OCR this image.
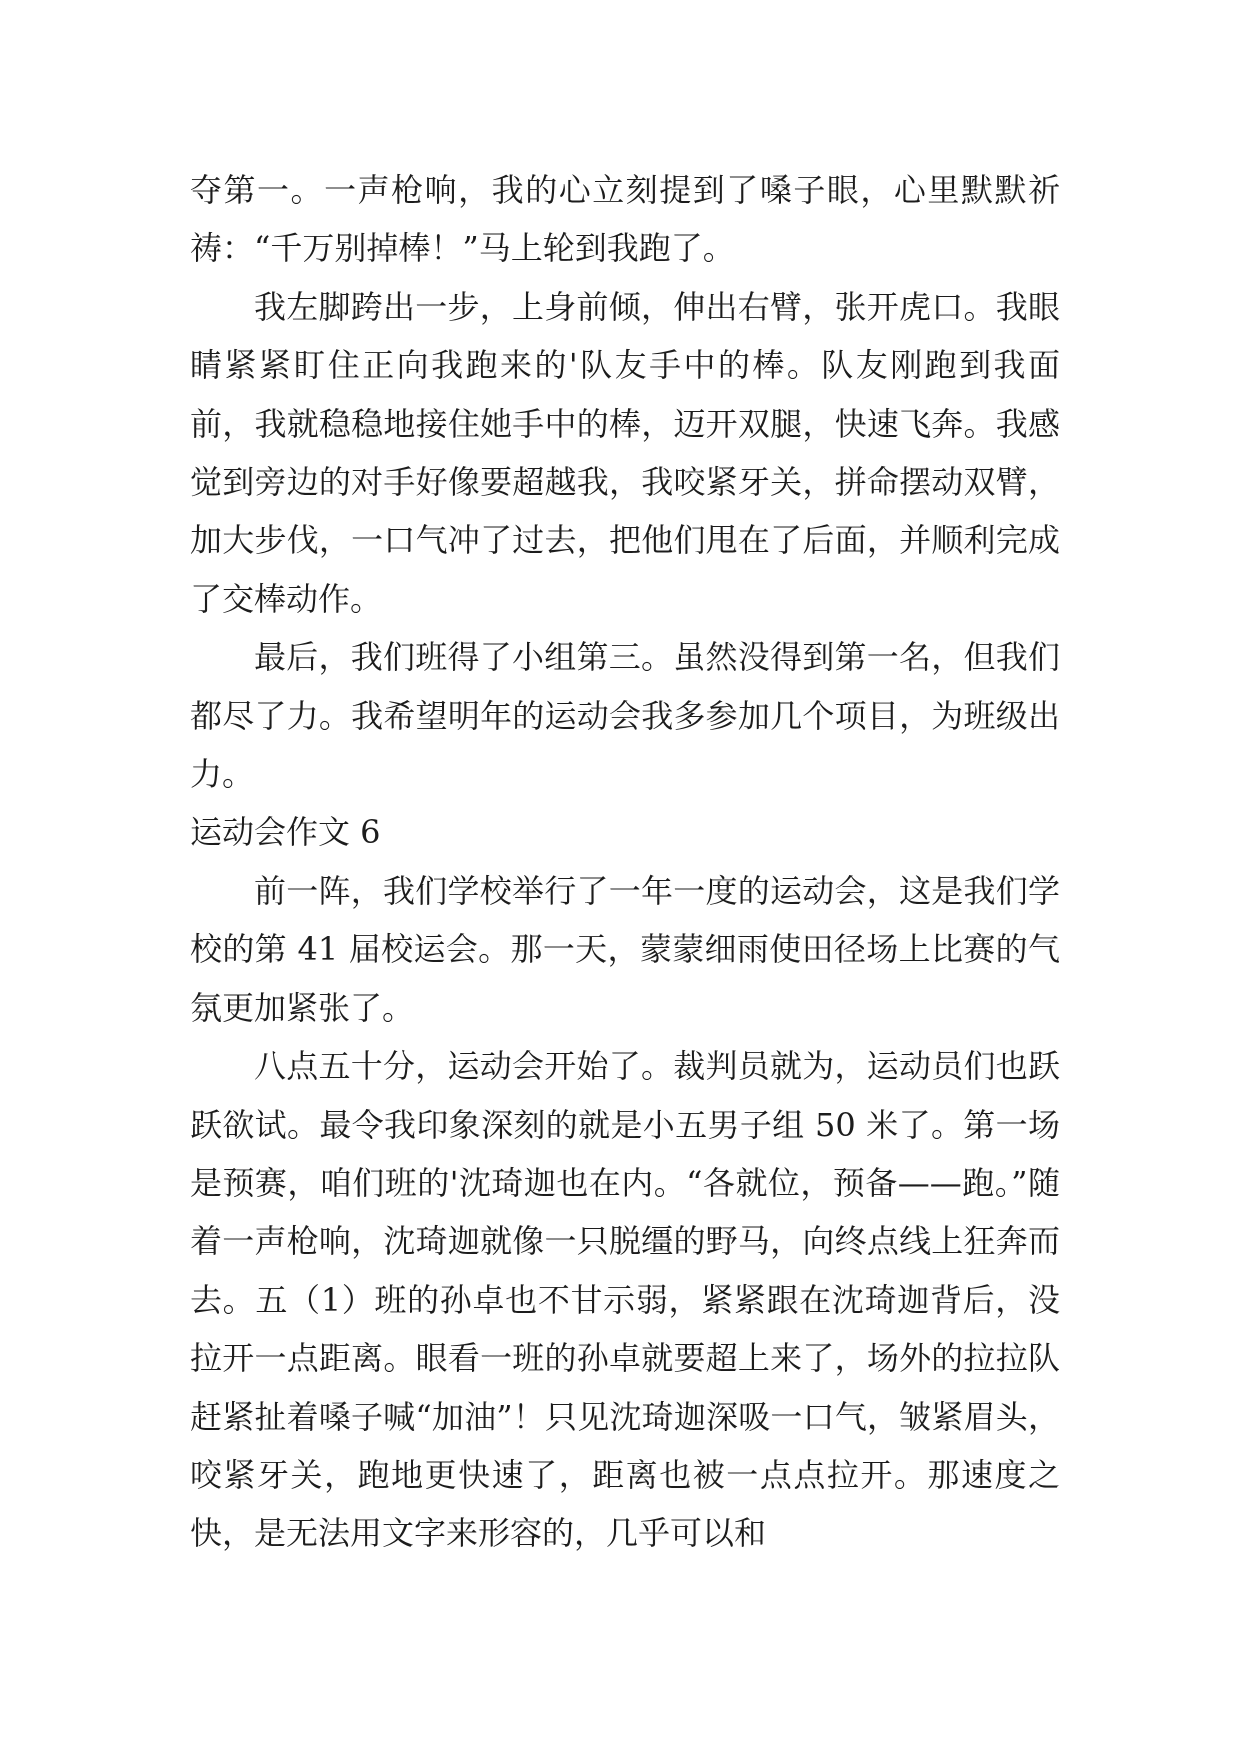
夺第一。一声枪响，我的心立刻提到了嗓子眼，心里默默祈祷：“千万别掉棒！”马上轮到我跑了。

我左脚跨出一步，上身前倾，伸出右臂，张开虎口。我眼睛紧紧盯住正向我跑来的'队友手中的棒。队友刚跑到我面前，我就稳稳地接住她手中的棒，迈开双腿，快速飞奔。我感觉到旁边的对手好像要超越我，我咬紧牙关，拼命摆动双臂，加大步伐，一口气冲了过去，把他们甩在了后面，并顺利完成了交棒动作。

最后，我们班得了小组第三。虽然没得到第一名，但我们都尽了力。我希望明年的运动会我多参加几个项目，为班级出力。

运动会作文 6

前一阵，我们学校举行了一年一度的运动会，这是我们学校的第 41 届校运会。那一天，蒙蒙细雨使田径场上比赛的气氛更加紧张了。

八点五十分，运动会开始了。裁判员就为，运动员们也跃跃欲试。最令我印象深刻的就是小五男子组 50 米了。第一场是预赛，咱们班的'沈琦迦也在内。“各就位，预备——跑。”随着一声枪响，沈琦迦就像一只脱缰的野马，向终点线上狂奔而去。五（1）班的孙卓也不甘示弱，紧紧跟在沈琦迦背后，没拉开一点距离。眼看一班的孙卓就要超上来了，场外的拉拉队赶紧扯着嗓子喊“加油”！只见沈琦迦深吸一口气，皱紧眉头，咬紧牙关，跑地更快速了，距离也被一点点拉开。那速度之快，是无法用文字来形容的，几乎可以和
